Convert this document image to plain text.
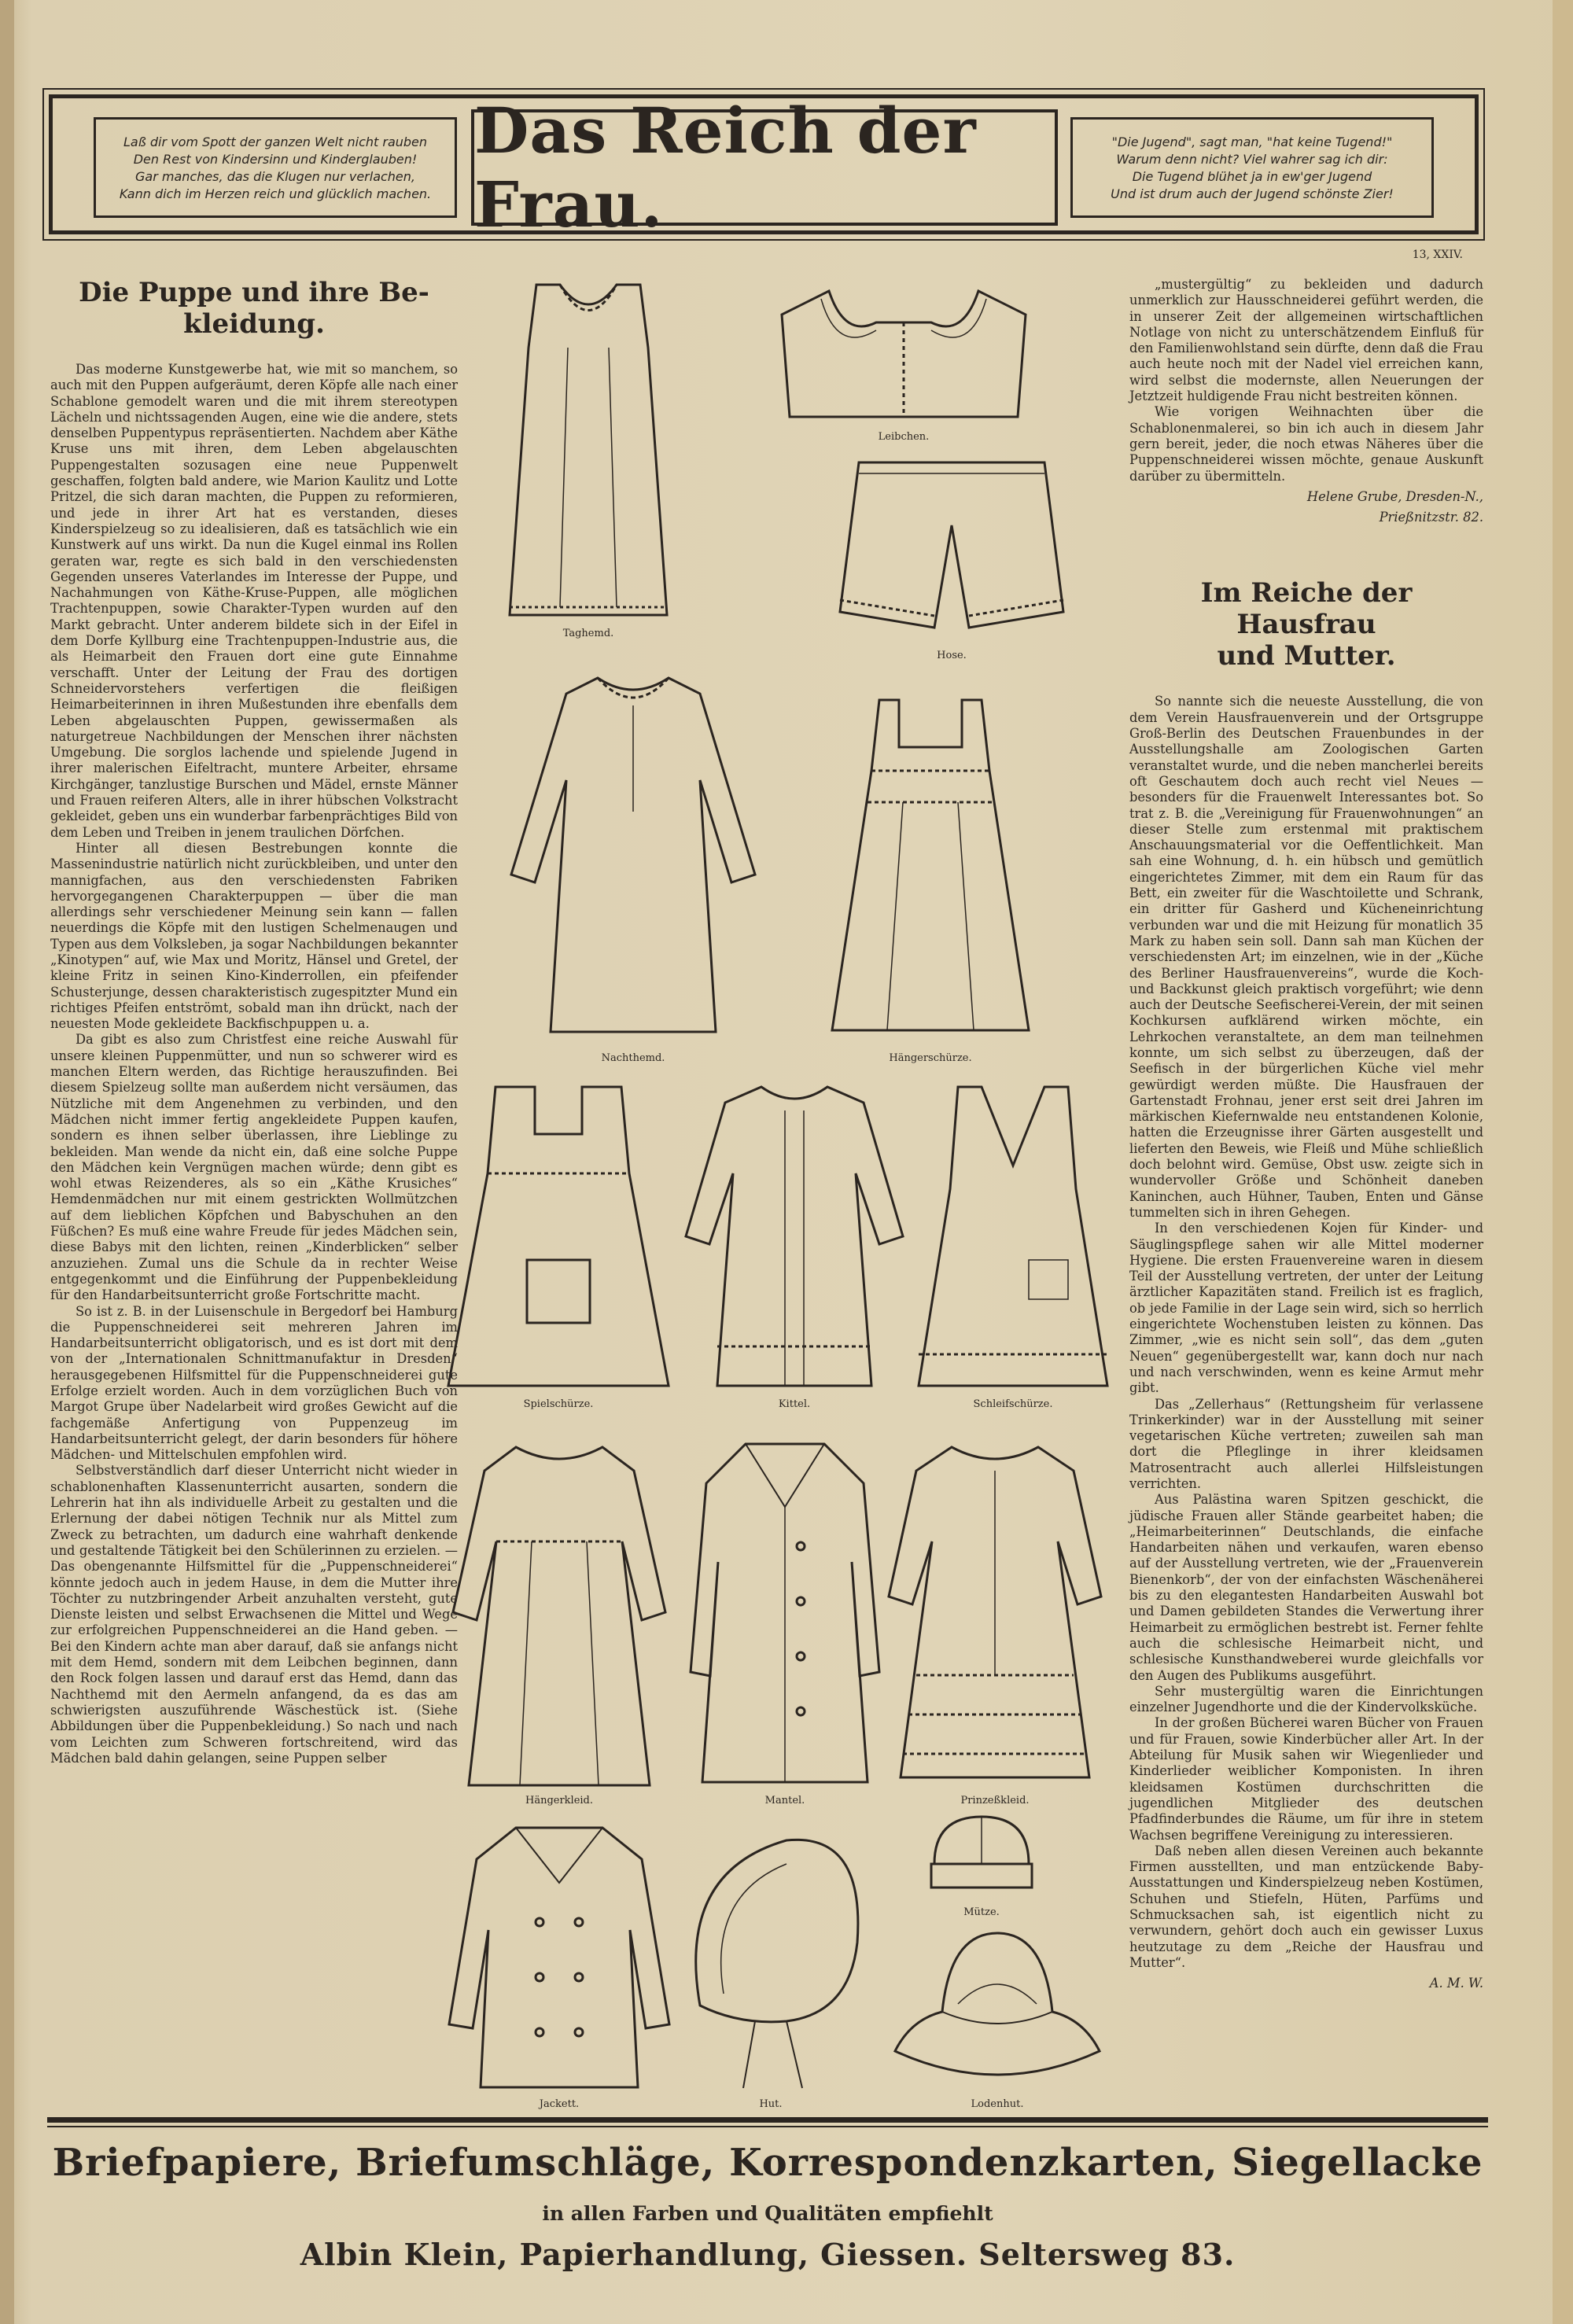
Laß dir vom Spott der ganzen Welt nicht rauben
Den Rest von Kindersinn und Kinderglauben!
Gar manches, das die Klugen nur verlachen,
Kann dich im Herzen reich und glücklich machen.
Das Reich der Frau.
"Die Jugend", sagt man, "hat keine Tugend!"
Warum denn nicht? Viel wahrer sag ich dir:
Die Tugend blühet ja in ew'ger Jugend
Und ist drum auch der Jugend schönste Zier!
13, XXIV.
Die Puppe und ihre Be-
kleidung.

Das moderne Kunstgewerbe hat, wie mit so manchem, so auch mit den Puppen aufgeräumt, deren Köpfe alle nach einer Schablone gemodelt waren und die mit ihrem stereotypen Lächeln und nichtssagenden Augen, eine wie die andere, stets denselben Puppentypus repräsentierten. Nachdem aber Käthe Kruse uns mit ihren, dem Leben abgelauschten Puppengestalten sozusagen eine neue Puppenwelt geschaffen, folgten bald andere, wie Marion Kaulitz und Lotte Pritzel, die sich daran machten, die Puppen zu reformieren, und jede in ihrer Art hat es verstanden, dieses Kinderspielzeug so zu idealisieren, daß es tatsächlich wie ein Kunstwerk auf uns wirkt. Da nun die Kugel einmal ins Rollen geraten war, regte es sich bald in den verschiedensten Gegenden unseres Vaterlandes im Interesse der Puppe, und Nachahmungen von Käthe-Kruse-Puppen, alle möglichen Trachtenpuppen, sowie Charakter-Typen wurden auf den Markt gebracht. Unter anderem bildete sich in der Eifel in dem Dorfe Kyllburg eine Trachtenpuppen-Industrie aus, die als Heimarbeit den Frauen dort eine gute Einnahme verschafft. Unter der Leitung der Frau des dortigen Schneidervorstehers verfertigen die fleißigen Heimarbeiterinnen in ihren Mußestunden ihre ebenfalls dem Leben abgelauschten Puppen, gewissermaßen als naturgetreue Nachbildungen der Menschen ihrer nächsten Umgebung. Die sorglos lachende und spielende Jugend in ihrer malerischen Eifeltracht, muntere Arbeiter, ehrsame Kirchgänger, tanzlustige Burschen und Mädel, ernste Männer und Frauen reiferen Alters, alle in ihrer hübschen Volkstracht gekleidet, geben uns ein wunderbar farbenprächtiges Bild von dem Leben und Treiben in jenem traulichen Dörfchen.

Hinter all diesen Bestrebungen konnte die Massenindustrie natürlich nicht zurückbleiben, und unter den mannigfachen, aus den verschiedensten Fabriken hervorgegangenen Charakterpuppen — über die man allerdings sehr verschiedener Meinung sein kann — fallen neuerdings die Köpfe mit den lustigen Schelmenaugen und Typen aus dem Volksleben, ja sogar Nachbildungen bekannter „Kinotypen“ auf, wie Max und Moritz, Hänsel und Gretel, der kleine Fritz in seinen Kino-Kinderrollen, ein pfeifender Schusterjunge, dessen charakteristisch zugespitzter Mund ein richtiges Pfeifen entströmt, sobald man ihn drückt, nach der neuesten Mode gekleidete Backfischpuppen u. a.

Da gibt es also zum Christfest eine reiche Auswahl für unsere kleinen Puppenmütter, und nun so schwerer wird es manchen Eltern werden, das Richtige herauszufinden. Bei diesem Spielzeug sollte man außerdem nicht versäumen, das Nützliche mit dem Angenehmen zu verbinden, und den Mädchen nicht immer fertig angekleidete Puppen kaufen, sondern es ihnen selber überlassen, ihre Lieblinge zu bekleiden. Man wende da nicht ein, daß eine solche Puppe den Mädchen kein Vergnügen machen würde; denn gibt es wohl etwas Reizenderes, als so ein „Käthe Krusiches“ Hemdenmädchen nur mit einem gestrickten Wollmützchen auf dem lieblichen Köpfchen und Babyschuhen an den Füßchen? Es muß eine wahre Freude für jedes Mädchen sein, diese Babys mit den lichten, reinen „Kinderblicken“ selber anzuziehen. Zumal uns die Schule da in rechter Weise entgegenkommt und die Einführung der Puppenbekleidung für den Handarbeitsunterricht große Fortschritte macht.

So ist z. B. in der Luisenschule in Bergedorf bei Hamburg die Puppenschneiderei seit mehreren Jahren im Handarbeitsunterricht obligatorisch, und es ist dort mit dem von der „Internationalen Schnittmanufaktur in Dresden“ herausgegebenen Hilfsmittel für die Puppenschneiderei gute Erfolge erzielt worden. Auch in dem vorzüglichen Buch von Margot Grupe über Nadelarbeit wird großes Gewicht auf die fachgemäße Anfertigung von Puppenzeug im Handarbeitsunterricht gelegt, der darin besonders für höhere Mädchen- und Mittelschulen empfohlen wird.

Selbstverständlich darf dieser Unterricht nicht wieder in schablonenhaften Klassenunterricht ausarten, sondern die Lehrerin hat ihn als individuelle Arbeit zu gestalten und die Erlernung der dabei nötigen Technik nur als Mittel zum Zweck zu betrachten, um dadurch eine wahrhaft denkende und gestaltende Tätigkeit bei den Schülerinnen zu erzielen. — Das obengenannte Hilfsmittel für die „Puppenschneiderei“ könnte jedoch auch in jedem Hause, in dem die Mutter ihre Töchter zu nutzbringender Arbeit anzuhalten versteht, gute Dienste leisten und selbst Erwachsenen die Mittel und Wege zur erfolgreichen Puppenschneiderei an die Hand geben. — Bei den Kindern achte man aber darauf, daß sie anfangs nicht mit dem Hemd, sondern mit dem Leibchen beginnen, dann den Rock folgen lassen und darauf erst das Hemd, dann das Nachthemd mit den Aermeln anfangend, da es das am schwierigsten auszuführende Wäschestück ist. (Siehe Abbildungen über die Puppenbekleidung.) So nach und nach vom Leichten zum Schweren fortschreitend, wird das Mädchen bald dahin gelangen, seine Puppen selber

„mustergültig“ zu bekleiden und dadurch unmerklich zur Hausschneiderei geführt werden, die in unserer Zeit der allgemeinen wirtschaftlichen Notlage von nicht zu unterschätzendem Einfluß für den Familienwohlstand sein dürfte, denn daß die Frau auch heute noch mit der Nadel viel erreichen kann, wird selbst die modernste, allen Neuerungen der Jetztzeit huldigende Frau nicht bestreiten können.

Wie vorigen Weihnachten über die Schablonenmalerei, so bin ich auch in diesem Jahr gern bereit, jeder, die noch etwas Näheres über die Puppenschneiderei wissen möchte, genaue Auskunft darüber zu übermitteln.

Helene Grube, Dresden-N.,
Prießnitzstr. 82.
Im Reiche der Hausfrau
und Mutter.

So nannte sich die neueste Ausstellung, die von dem Verein Hausfrauenverein und der Ortsgruppe Groß-Berlin des Deutschen Frauenbundes in der Ausstellungshalle am Zoologischen Garten veranstaltet wurde, und die neben mancherlei bereits oft Geschautem doch auch recht viel Neues — besonders für die Frauenwelt Interessantes bot. So trat z. B. die „Vereinigung für Frauenwohnungen“ an dieser Stelle zum erstenmal mit praktischem Anschauungsmaterial vor die Oeffentlichkeit. Man sah eine Wohnung, d. h. ein hübsch und gemütlich eingerichtetes Zimmer, mit dem ein Raum für das Bett, ein zweiter für die Waschtoilette und Schrank, ein dritter für Gasherd und Kücheneinrichtung verbunden war und die mit Heizung für monatlich 35 Mark zu haben sein soll. Dann sah man Küchen der verschiedensten Art; im einzelnen, wie in der „Küche des Berliner Hausfrauenvereins“, wurde die Koch- und Backkunst gleich praktisch vorgeführt; wie denn auch der Deutsche Seefischerei-Verein, der mit seinen Kochkursen aufklärend wirken möchte, ein Lehrkochen veranstaltete, an dem man teilnehmen konnte, um sich selbst zu überzeugen, daß der Seefisch in der bürgerlichen Küche viel mehr gewürdigt werden müßte. Die Hausfrauen der Gartenstadt Frohnau, jener erst seit drei Jahren im märkischen Kiefernwalde neu entstandenen Kolonie, hatten die Erzeugnisse ihrer Gärten ausgestellt und lieferten den Beweis, wie Fleiß und Mühe schließlich doch belohnt wird. Gemüse, Obst usw. zeigte sich in wundervoller Größe und Schönheit daneben Kaninchen, auch Hühner, Tauben, Enten und Gänse tummelten sich in ihren Gehegen.

In den verschiedenen Kojen für Kinder- und Säuglingspflege sahen wir alle Mittel moderner Hygiene. Die ersten Frauenvereine waren in diesem Teil der Ausstellung vertreten, der unter der Leitung ärztlicher Kapazitäten stand. Freilich ist es fraglich, ob jede Familie in der Lage sein wird, sich so herrlich eingerichtete Wochenstuben leisten zu können. Das Zimmer, „wie es nicht sein soll“, das dem „guten Neuen“ gegenübergestellt war, kann doch nur nach und nach verschwinden, wenn es keine Armut mehr gibt.

Das „Zellerhaus“ (Rettungsheim für verlassene Trinkerkinder) war in der Ausstellung mit seiner vegetarischen Küche vertreten; zuweilen sah man dort die Pfleglinge in ihrer kleidsamen Matrosentracht auch allerlei Hilfsleistungen verrichten.

Aus Palästina waren Spitzen geschickt, die jüdische Frauen aller Stände gearbeitet haben; die „Heimarbeiterinnen“ Deutschlands, die einfache Handarbeiten nähen und verkaufen, waren ebenso auf der Ausstellung vertreten, wie der „Frauenverein Bienenkorb“, der von der einfachsten Wäschenäherei bis zu den elegantesten Handarbeiten Auswahl bot und Damen gebildeten Standes die Verwertung ihrer Heimarbeit zu ermöglichen bestrebt ist. Ferner fehlte auch die schlesische Heimarbeit nicht, und schlesische Kunsthandweberei wurde gleichfalls vor den Augen des Publikums ausgeführt.

Sehr mustergültig waren die Einrichtungen einzelner Jugendhorte und die der Kindervolksküche.

In der großen Bücherei waren Bücher von Frauen und für Frauen, sowie Kinderbücher aller Art. In der Abteilung für Musik sahen wir Wiegenlieder und Kinderlieder weiblicher Komponisten. In ihren kleidsamen Kostümen durchschritten die jugendlichen Mitglieder des deutschen Pfadfinderbundes die Räume, um für ihre in stetem Wachsen begriffene Vereinigung zu interessieren.

Daß neben allen diesen Vereinen auch bekannte Firmen ausstellten, und man entzückende Baby-Ausstattungen und Kinderspielzeug neben Kostümen, Schuhen und Stiefeln, Hüten, Parfüms und Schmucksachen sah, ist eigentlich nicht zu verwundern, gehört doch auch ein gewisser Luxus heutzutage zu dem „Reiche der Hausfrau und Mutter“.

A. M. W.
Taghemd.
Leibchen.
Hose.
Nachthemd.	Hängerschürze.
Spielschürze.	Kittel.	Schleifschürze.
Hängerkleid.	Mantel.	Prinzeßkleid.
Mütze.
Jackett.	Hut.	Lodenhut.
Briefpapiere, Briefumschläge, Korrespondenzkarten, Siegellacke
in allen Farben und Qualitäten empfiehlt
Albin Klein, Papierhandlung, Giessen. Seltersweg 83.
